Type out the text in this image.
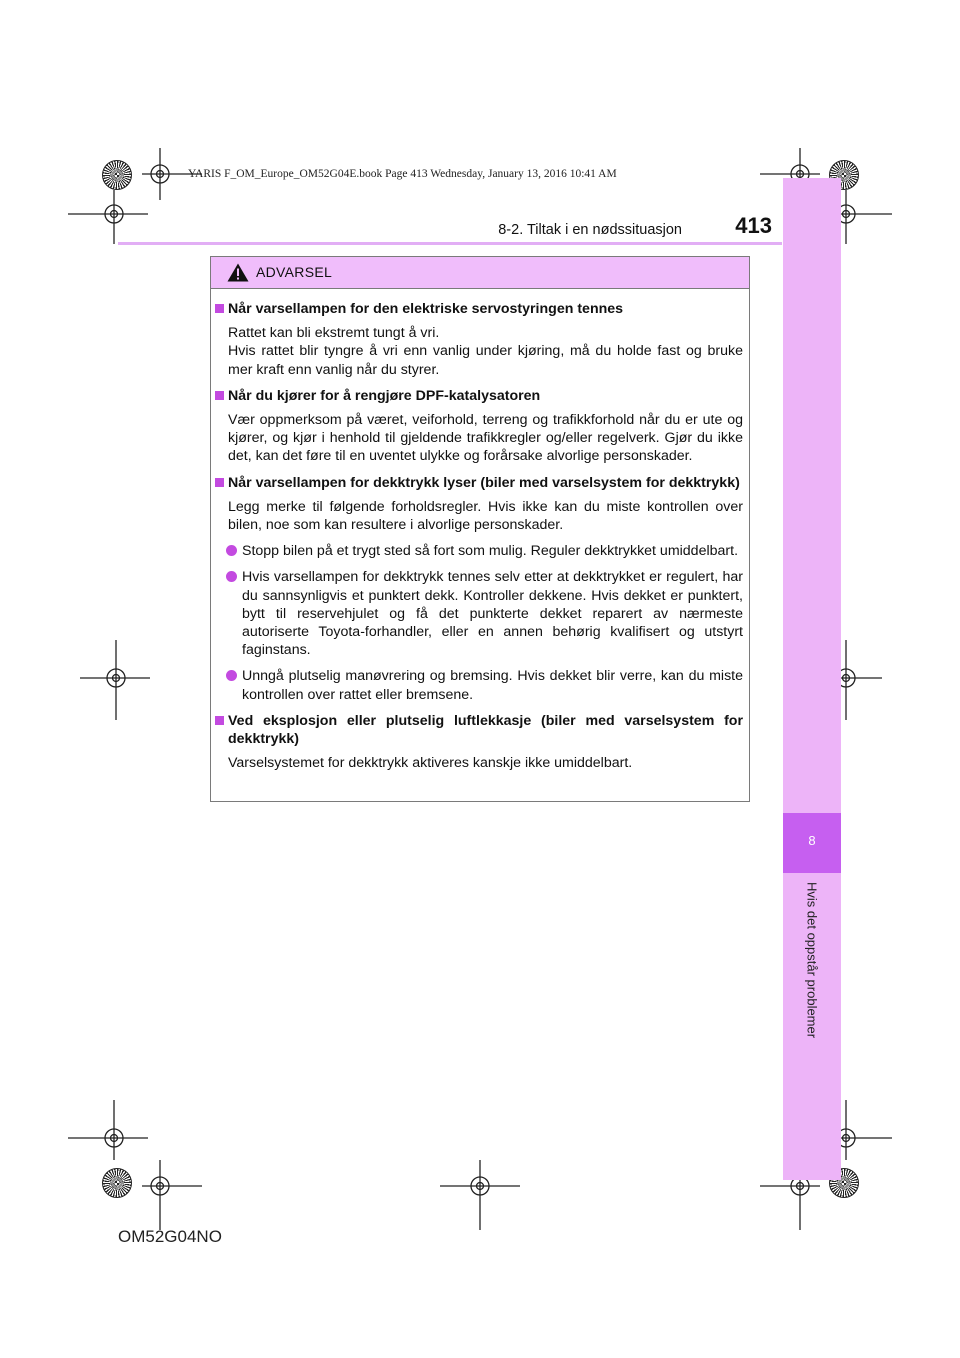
YARIS F_OM_Europe_OM52G04E.book Page 413 Wednesday, January 13, 2016 10:41 AM
8
Hvis det oppstår problemer
8-2. Tiltak i en nødssituasjon 413
ADVARSEL
Når varsellampen for den elektriske servostyringen tennes
Rattet kan bli ekstremt tungt å vri.
Hvis rattet blir tyngre å vri enn vanlig under kjøring, må du holde fast og bruke mer kraft enn vanlig når du styrer.
Når du kjører for å rengjøre DPF-katalysatoren
Vær oppmerksom på været, veiforhold, terreng og trafikkforhold når du er ute og kjører, og kjør i henhold til gjeldende trafikkregler og/eller regelverk. Gjør du ikke det, kan det føre til en uventet ulykke og forårsake alvorlige personskader.
Når varsellampen for dekktrykk lyser (biler med varselsystem for dekktrykk)
Legg merke til følgende forholdsregler. Hvis ikke kan du miste kontrollen over bilen, noe som kan resultere i alvorlige personskader.
Stopp bilen på et trygt sted så fort som mulig. Reguler dekktrykket umiddelbart.
Hvis varsellampen for dekktrykk tennes selv etter at dekktrykket er regulert, har du sannsynligvis et punktert dekk. Kontroller dekkene. Hvis dekket er punktert, bytt til reservehjulet og få det punkterte dekket reparert av nærmeste autoriserte Toyota-forhandler, eller en annen behørig kvalifisert og utstyrt faginstans.
Unngå plutselig manøvrering og bremsing. Hvis dekket blir verre, kan du miste kontrollen over rattet eller bremsene.
Ved eksplosjon eller plutselig luftlekkasje (biler med varselsystem for dekktrykk)
Varselsystemet for dekktrykk aktiveres kanskje ikke umiddelbart.
OM52G04NO
